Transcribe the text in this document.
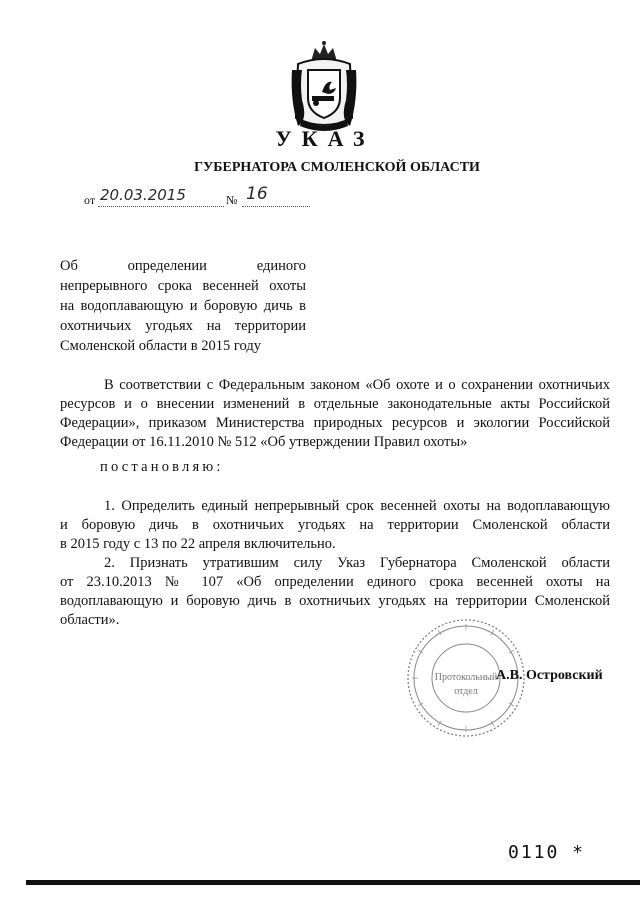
УКАЗ
ГУБЕРНАТОРА СМОЛЕНСКОЙ ОБЛАСТИ
от 20.03.2015	№ 16
Об определении единого
непрерывного срока весенней охоты
на водоплавающую и боровую дичь в
охотничьих угодьях на территории
Смоленской области в 2015 году
В соответствии с Федеральным законом «Об охоте и о сохранении охотничьих
ресурсов и о внесении изменений в отдельные законодательные акты Российской
Федерации», приказом Министерства природных ресурсов и экологии Российской
Федерации от 16.11.2010 № 512 «Об утверждении Правил охоты»
постановляю:
1. Определить единый непрерывный срок весенней охоты на водоплавающую
и боровую дичь в охотничьих угодьях на территории Смоленской области
в 2015 году с 13 по 22 апреля включительно.
2. Признать утратившим силу Указ Губернатора Смоленской области
от 23.10.2013 № 107 «Об определении единого срока весенней охоты на
водоплавающую и боровую дичь в охотничьих угодьях на территории Смоленской
области».
Протокольный
отдел
А.В. Островский
0110 *
